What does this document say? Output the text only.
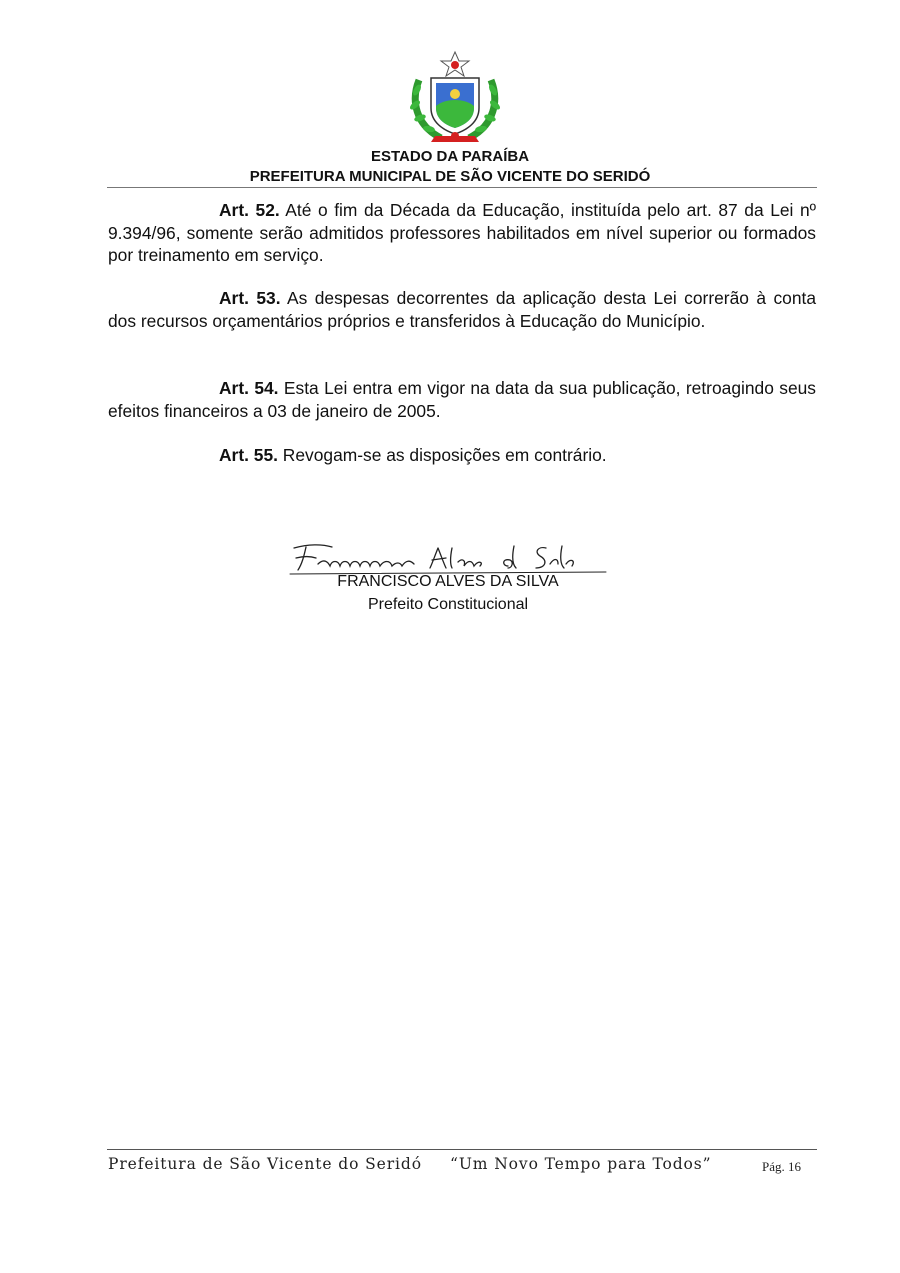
ESTADO DA PARAÍBA
PREFEITURA MUNICIPAL DE SÃO VICENTE DO SERIDÓ

Art. 52. Até o fim da Década da Educação, instituída pelo art. 87 da Lei nº 9.394/96, somente serão admitidos professores habilitados em nível superior ou formados por treinamento em serviço.

Art. 53. As despesas decorrentes da aplicação desta Lei correrão à conta dos recursos orçamentários próprios e transferidos à Educação do Município.

Art. 54. Esta Lei entra em vigor na data da sua publicação, retroagindo seus efeitos financeiros a 03 de janeiro de 2005.

Art. 55. Revogam-se as disposições em contrário.

FRANCISCO ALVES DA SILVA
Prefeito Constitucional
Prefeitura de São Vicente do Seridó “Um Novo Tempo para Todos”	Pág. 16
